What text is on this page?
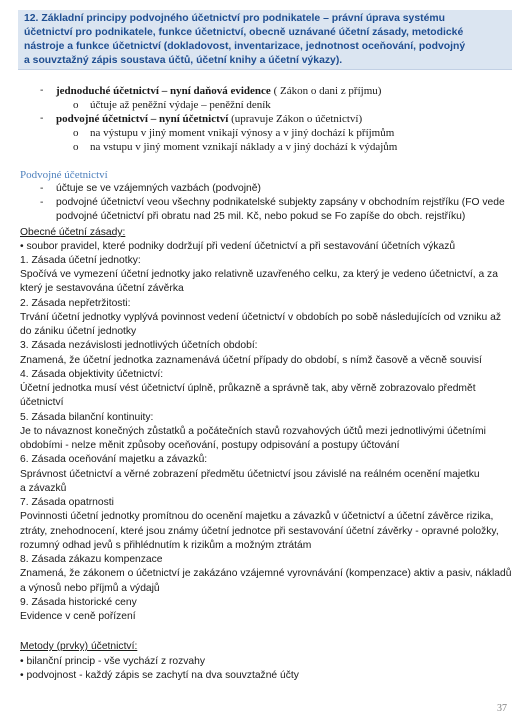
12. Základní principy podvojného účetnictví pro podnikatele – právní úprava systému
účetnictví pro podnikatele, funkce účetnictví, obecně uznávané účetní zásady, metodické
nástroje a funkce účetnictví (dokladovost, inventarizace, jednotnost oceňování, podvojný
a souvztažný zápis soustava účtů, účetní knihy a účetní výkazy).
- jednoduché účetnictví – nyní daňová evidence ( Zákon o dani z příjmu)
o účtuje až peněžní výdaje – peněžní deník
- podvojné účetnictví – nyní účetnictví (upravuje Zákon o účetnictví)
o na výstupu v jiný moment vnikají výnosy a v jiný dochází k příjmům
o na vstupu v jiný moment vznikají náklady a v jiný dochází k výdajům
Podvojné účetnictví
- účtuje se ve vzájemných vazbách (podvojně)
- podvojné účetnictví veou všechny podnikatelské subjekty zapsány v obchodním rejstříku (FO vede
podvojné účetnictví při obratu nad 25 mil. Kč, nebo pokud se Fo zapíše do obch. rejstříku)
Obecné účetní zásady:
• soubor pravidel, které podniky dodržují při vedení účetnictví a při sestavování účetních výkazů
1. Zásada účetní jednotky:
Spočívá ve vymezení účetní jednotky jako relativně uzavřeného celku, za který je vedeno účetnictví, a za
který je sestavována účetní závěrka
2. Zásada nepřetržitosti:
Trvání účetní jednotky vyplývá povinnost vedení účetnictví v obdobích po sobě následujících od vzniku až
do zániku účetní jednotky
3. Zásada nezávislosti jednotlivých účetních období:
Znamená, že účetní jednotka zaznamenává účetní případy do období, s nímž časově a věcně souvisí
4. Zásada objektivity účetnictví:
Účetní jednotka musí vést účetnictví úplně, průkazně a správně tak, aby věrně zobrazovalo předmět
účetnictví
5. Zásada bilanční kontinuity:
Je to návaznost konečných zůstatků a počátečních stavů rozvahových účtů mezi jednotlivými účetními
obdobími - nelze měnit způsoby oceňování, postupy odpisování a postupy účtování
6. Zásada oceňování majetku a závazků:
Správnost účetnictví a věrné zobrazení předmětu účetnictví jsou závislé na reálném ocenění majetku
a závazků
7. Zásada opatrnosti
Povinnosti účetní jednotky promítnou do ocenění majetku a závazků v účetnictví a účetní závěrce rizika,
ztráty, znehodnocení, které jsou známy účetní jednotce při sestavování účetní závěrky - opravné položky,
rozumný odhad jevů s přihlédnutím k rizikům a možným ztrátám
8. Zásada zákazu kompenzace
Znamená, že zákonem o účetnictví je zakázáno vzájemné vyrovnávání (kompenzace) aktiv a pasiv, nákladů
a výnosů nebo příjmů a výdajů
9. Zásada historické ceny
Evidence v ceně pořízení
Metody (prvky) účetnictví:
• bilanční princip - vše vychází z rozvahy
• podvojnost - každý zápis se zachytí na dva souvztažné účty
37
